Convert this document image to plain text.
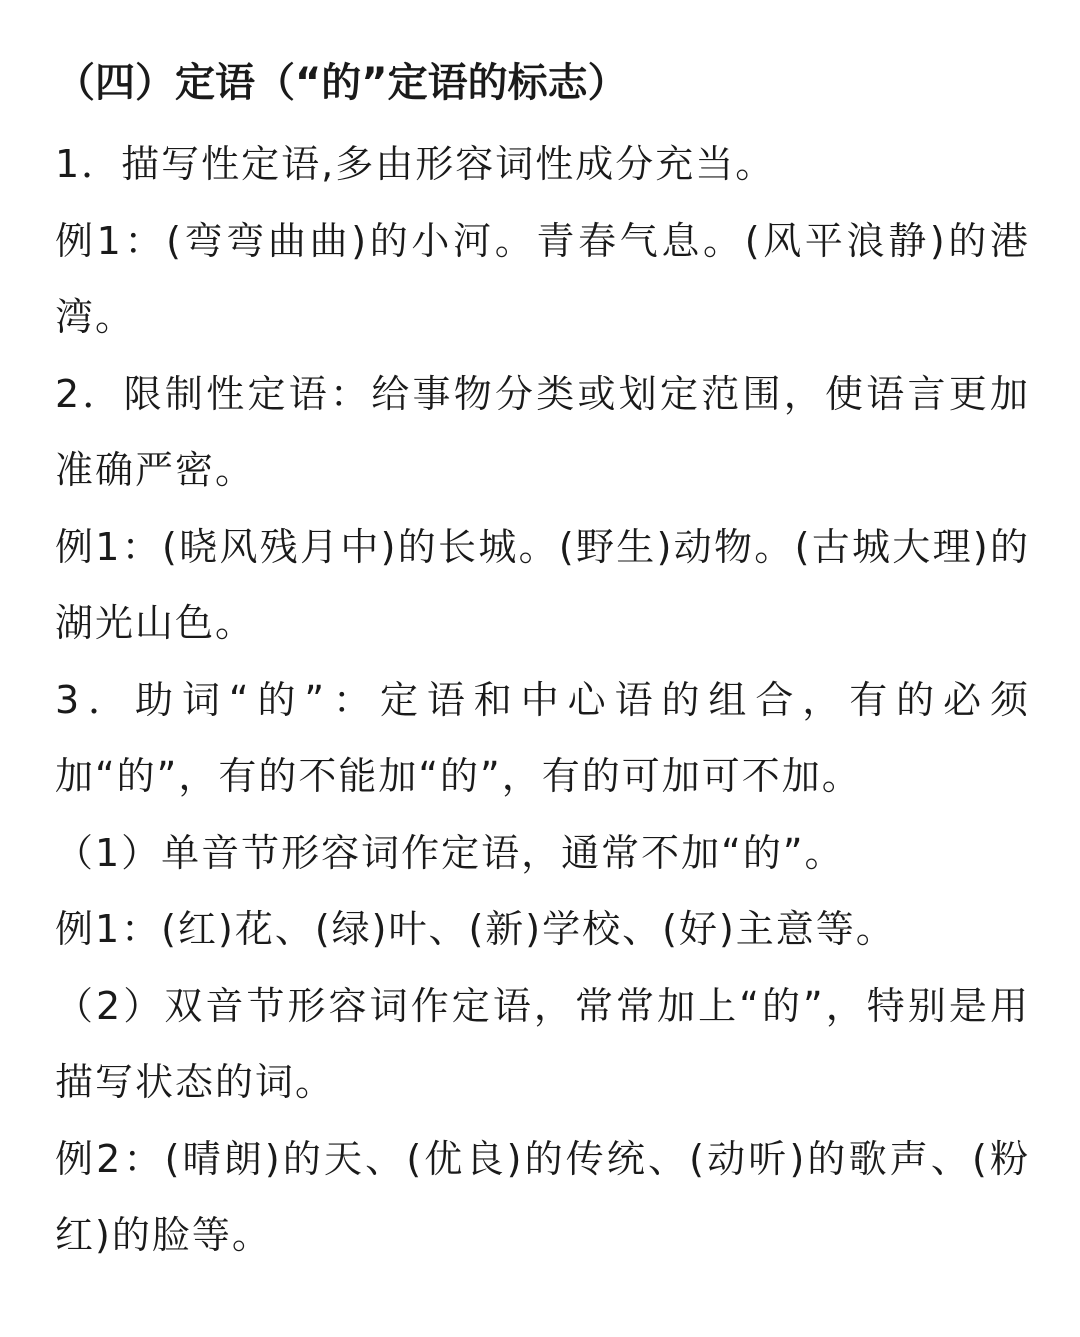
（四）定语（“的”定语的标志）

1．描写性定语,多由形容词性成分充当。

例1：(弯弯曲曲)的小河。青春气息。(风平浪静)的港湾。

2．限制性定语：给事物分类或划定范围，使语言更加准确严密。

例1：(晓风残月中)的长城。(野生)动物。(古城大理)的湖光山色。

3．助词“的”：定语和中心语的组合，有的必须加“的”，有的不能加“的”，有的可加可不加。

（1）单音节形容词作定语，通常不加“的”。

例1：(红)花、(绿)叶、(新)学校、(好)主意等。

（2）双音节形容词作定语，常常加上“的”，特别是用描写状态的词。

例2：(晴朗)的天、(优良)的传统、(动听)的歌声、(粉红)的脸等。
